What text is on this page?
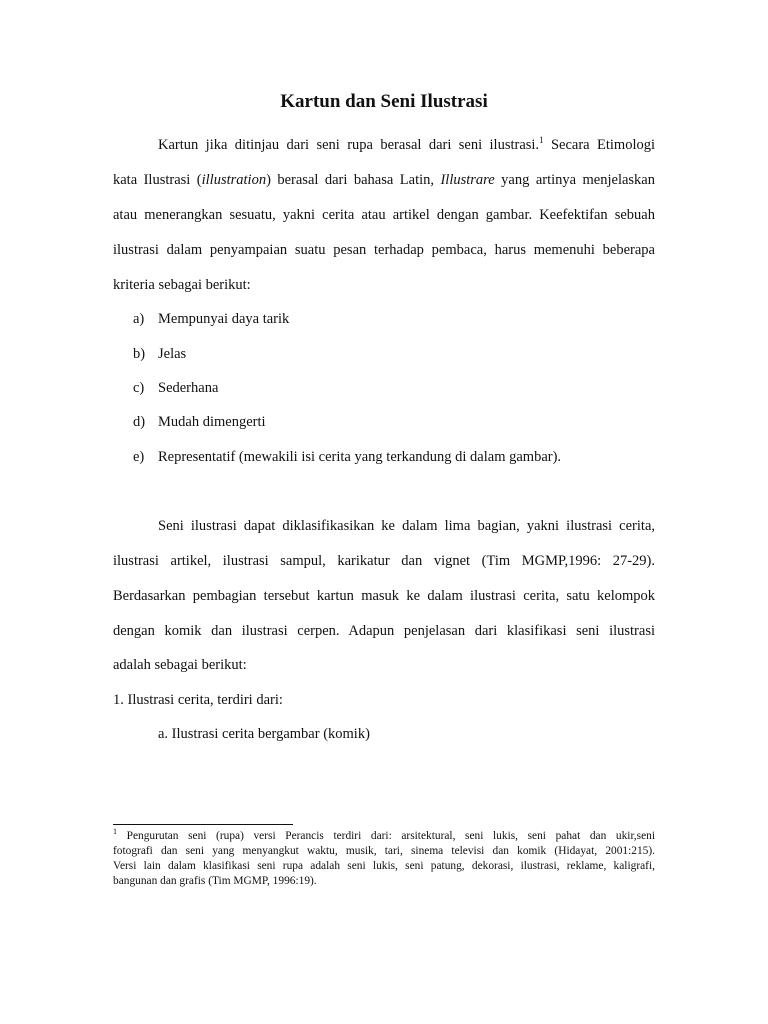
Kartun dan Seni Ilustrasi
Kartun jika ditinjau dari seni rupa berasal dari seni ilustrasi.$^1$ Secara Etimologi
kata Ilustrasi (illustration) berasal dari bahasa Latin, Illustrare yang artinya menjelaskan
atau menerangkan sesuatu, yakni cerita atau artikel dengan gambar. Keefektifan sebuah
ilustrasi dalam penyampaian suatu pesan terhadap pembaca, harus memenuhi beberapa
kriteria sebagai berikut:
a) Mempunyai daya tarik
b) Jelas
c) Sederhana
d) Mudah dimengerti
e) Representatif (mewakili isi cerita yang terkandung di dalam gambar).
Seni ilustrasi dapat diklasifikasikan ke dalam lima bagian, yakni ilustrasi cerita,
ilustrasi artikel, ilustrasi sampul, karikatur dan vignet (Tim MGMP,1996: 27-29).
Berdasarkan pembagian tersebut kartun masuk ke dalam ilustrasi cerita, satu kelompok
dengan komik dan ilustrasi cerpen. Adapun penjelasan dari klasifikasi seni ilustrasi
adalah sebagai berikut:
1. Ilustrasi cerita, terdiri dari:
a. Ilustrasi cerita bergambar (komik)
$^1$ Pengurutan seni (rupa) versi Perancis terdiri dari: arsitektural, seni lukis, seni pahat dan ukir,seni
fotografi dan seni yang menyangkut waktu, musik, tari, sinema televisi dan komik (Hidayat, 2001:215).
Versi lain dalam klasifikasi seni rupa adalah seni lukis, seni patung, dekorasi, ilustrasi, reklame, kaligrafi,
bangunan dan grafis (Tim MGMP, 1996:19).
